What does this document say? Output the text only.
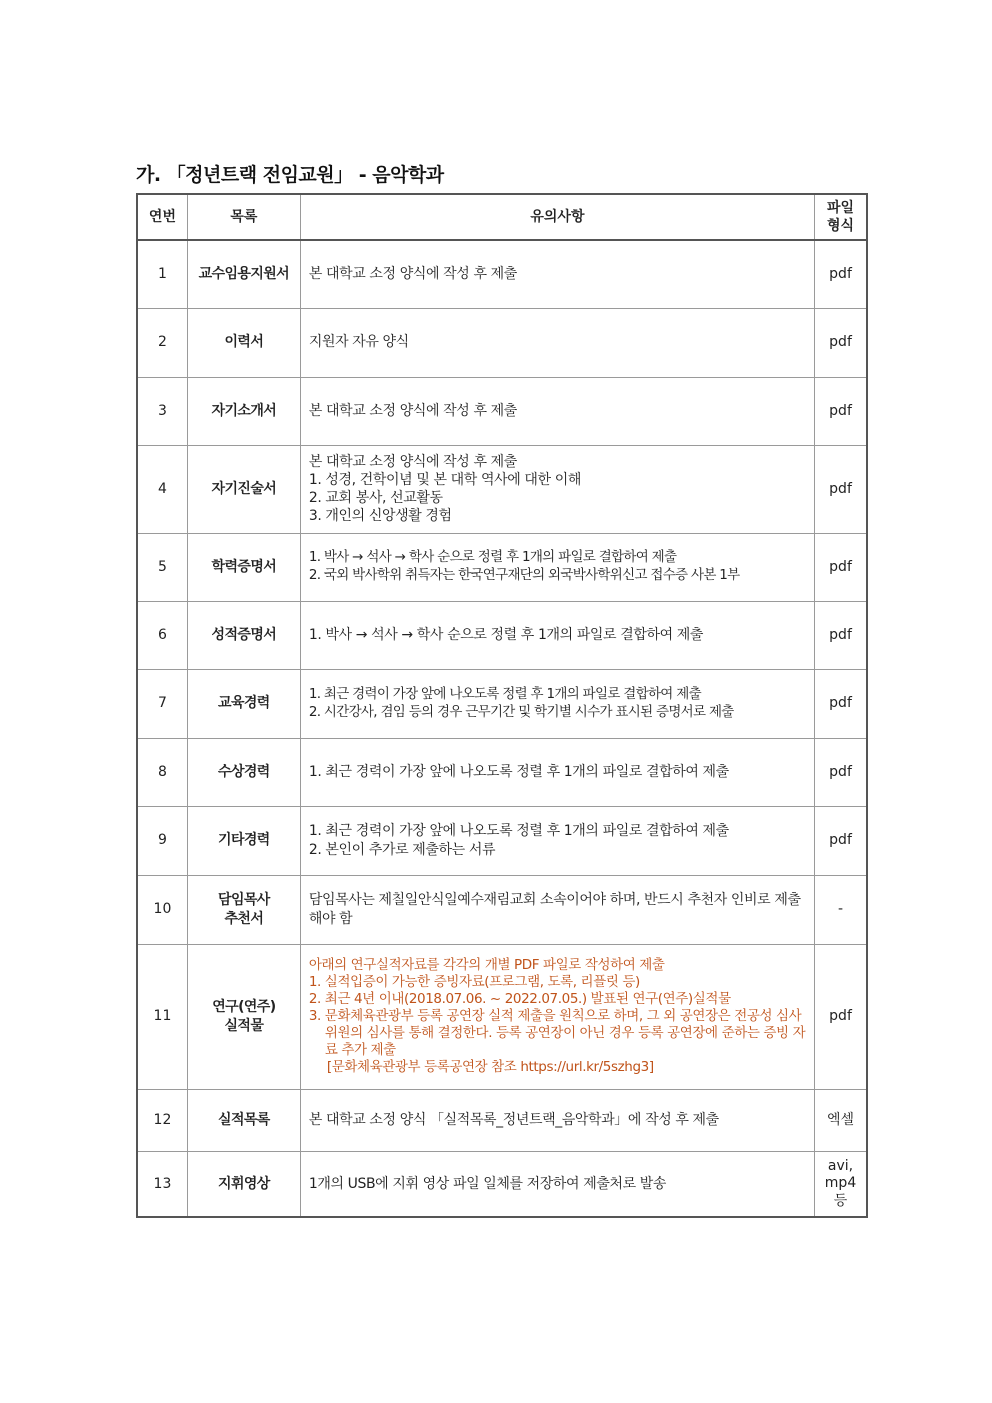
가. 「정년트랙 전임교원」 - 음악학과
연번	목록	유의사항	파일
형식

1	교수임용지원서	본 대학교 소정 양식에 작성 후 제출	pdf
2	이력서	지원자 자유 양식	pdf
3	자기소개서	본 대학교 소정 양식에 작성 후 제출	pdf
4	자기진술서	본 대학교 소정 양식에 작성 후 제출
1. 성경, 건학이념 및 본 대학 역사에 대한 이해
2. 교회 봉사, 선교활동
3. 개인의 신앙생활 경험	pdf
5	학력증명서	1. 박사 → 석사 → 학사 순으로 정렬 후 1개의 파일로 결합하여 제출
2. 국외 박사학위 취득자는 한국연구재단의 외국박사학위신고 접수증 사본 1부	pdf
6	성적증명서	1. 박사 → 석사 → 학사 순으로 정렬 후 1개의 파일로 결합하여 제출	pdf
7	교육경력	1. 최근 경력이 가장 앞에 나오도록 정렬 후 1개의 파일로 결합하여 제출
2. 시간강사, 겸임 등의 경우 근무기간 및 학기별 시수가 표시된 증명서로 제출	pdf
8	수상경력	1. 최근 경력이 가장 앞에 나오도록 정렬 후 1개의 파일로 결합하여 제출	pdf
9	기타경력	1. 최근 경력이 가장 앞에 나오도록 정렬 후 1개의 파일로 결합하여 제출
2. 본인이 추가로 제출하는 서류	pdf
10	담임목사
추천서	담임목사는 제칠일안식일예수재림교회 소속이어야 하며, 반드시 추천자 인비로 제출해야 함	-
11	연구(연주)
실적물	아래의 연구실적자료를 각각의 개별 PDF 파일로 작성하여 제출
1. 실적입증이 가능한 증빙자료(프로그램, 도록, 리플릿 등)
2. 최근 4년 이내(2018.07.06. ~ 2022.07.05.) 발표된 연구(연주)실적물
3. 문화체육관광부 등록 공연장 실적 제출을 원칙으로 하며, 그 외 공연장은 전공성 심사위원의 심사를 통해 결정한다. 등록 공연장이 아닌 경우 등록 공연장에 준하는 증빙 자료 추가 제출
[문화체육관광부 등록공연장 참조 https://url.kr/5szhg3]	pdf
12	실적목록	본 대학교 소정 양식 「실적목록_정년트랙_음악학과」에 작성 후 제출	엑셀
13	지휘영상	1개의 USB에 지휘 영상 파일 일체를 저장하여 제출처로 발송	avi,
mp4
등
